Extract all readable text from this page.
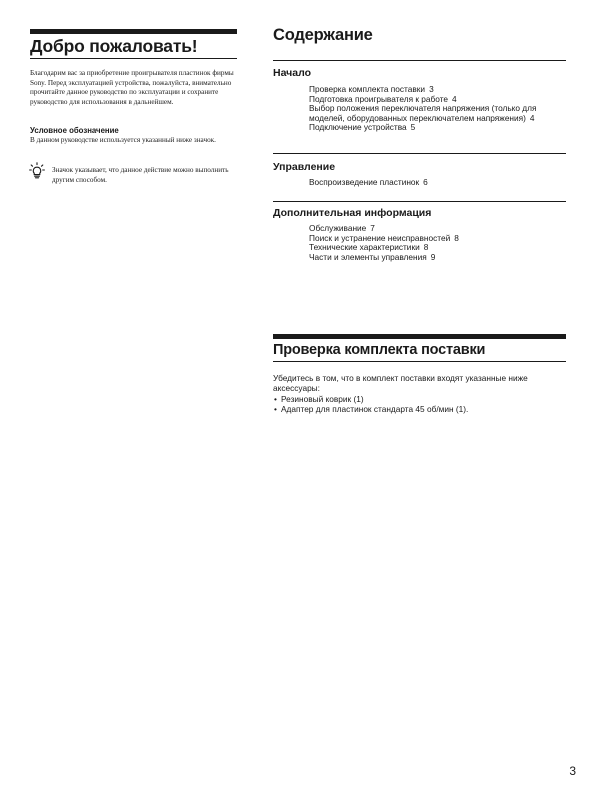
Добро пожаловать!
Благодарим вас за приобретение проигрывателя пластинок фирмы Sony. Перед эксплуатацией устройства, пожалуйста, внимательно прочитайте данное руководство по эксплуатации и сохраните руководство для использования в дальнейшем.
Условное обозначение
В данном руководстве используется указанный ниже значок.
Значок указывает, что данное действие можно выполнить другим способом.
Содержание
Начало
Проверка комплекта поставки 3
Подготовка проигрывателя к работе 4
Выбор положения переключателя напряжения (только для моделей, оборудованных переключателем напряжения) 4
Подключение устройства 5
Управление
Воспроизведение пластинок 6
Дополнительная информация
Обслуживание 7
Поиск и устранение неисправностей 8
Технические характеристики 8
Части и элементы управления 9
Проверка комплекта поставки
Убедитесь в том, что в комплект поставки входят указанные ниже аксессуары:
• Резиновый коврик (1)
• Адаптер для пластинок стандарта 45 об/мин (1).
3
